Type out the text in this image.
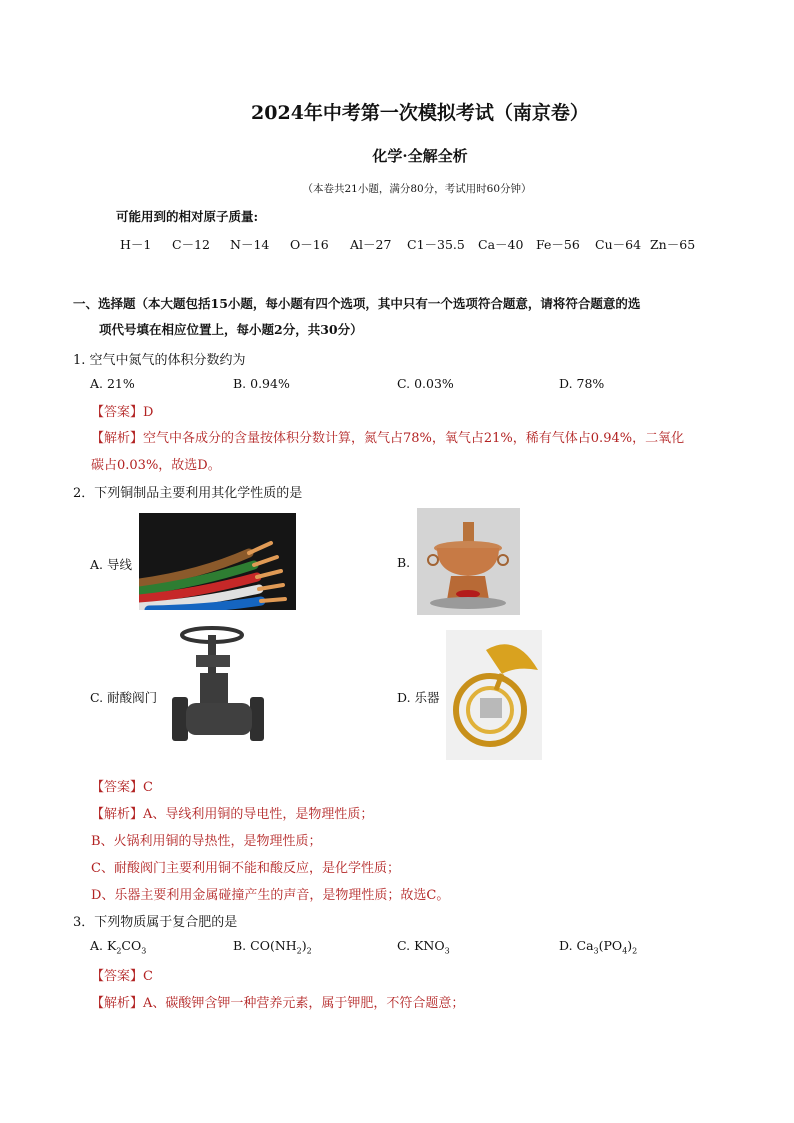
2024年中考第一次模拟考试（南京卷）
化学·全解全析
（本卷共21小题，满分80分，考试用时60分钟）
可能用到的相对原子质量:
H－1	C－12	N－14	O－16	Al－27	C1－35.5	Ca－40	Fe－56	Cu－64 Zn－65
一、选择题（本大题包括15小题，每小题有四个选项，其中只有一个选项符合题意，请将符合题意的选
项代号填在相应位置上，每小题2分，共30分）
1. 空气中氮气的体积分数约为
A. 21%	B. 0.94%	C. 0.03%	D. 78%
【答案】D
【解析】空气中各成分的含量按体积分数计算，氮气占78%，氧气占21%，稀有气体占0.94%，二氧化
碳占0.03%，故选D。
2．下列铜制品主要利用其化学性质的是
A. 导线	B.
C. 耐酸阀门	D. 乐器
【答案】C
【解析】A、导线利用铜的导电性，是物理性质；
B、火锅利用铜的导热性，是物理性质；
C、耐酸阀门主要利用铜不能和酸反应，是化学性质；
D、乐器主要利用金属碰撞产生的声音，是物理性质；故选C。
3．下列物质属于复合肥的是
A. $K_2CO_3$	B. $CO(NH_2)_2$	C. $KNO_3$	D. $Ca_3(PO_4)_2$
【答案】C
【解析】A、碳酸钾含钾一种营养元素，属于钾肥，不符合题意；
